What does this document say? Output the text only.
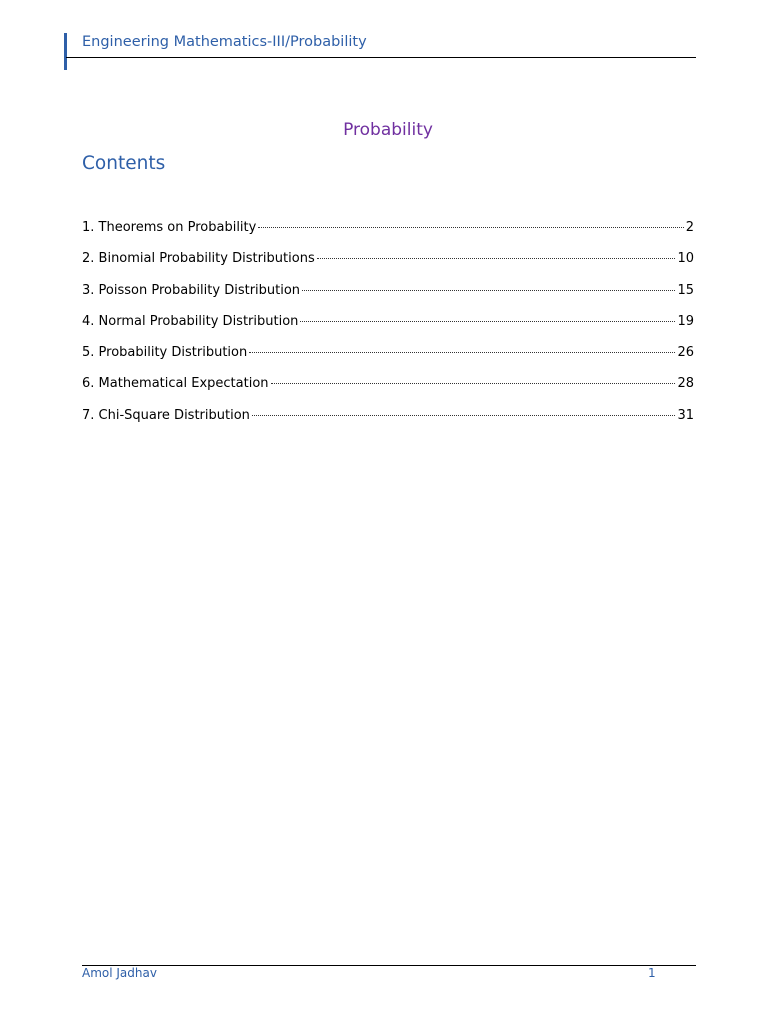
Engineering Mathematics-III/Probability
Probability
Contents
1. Theorems on Probability	2
2. Binomial Probability Distributions	10
3. Poisson Probability Distribution	15
4. Normal Probability Distribution	19
5. Probability Distribution	26
6. Mathematical Expectation	28
7. Chi-Square Distribution	31
Amol Jadhav	1
